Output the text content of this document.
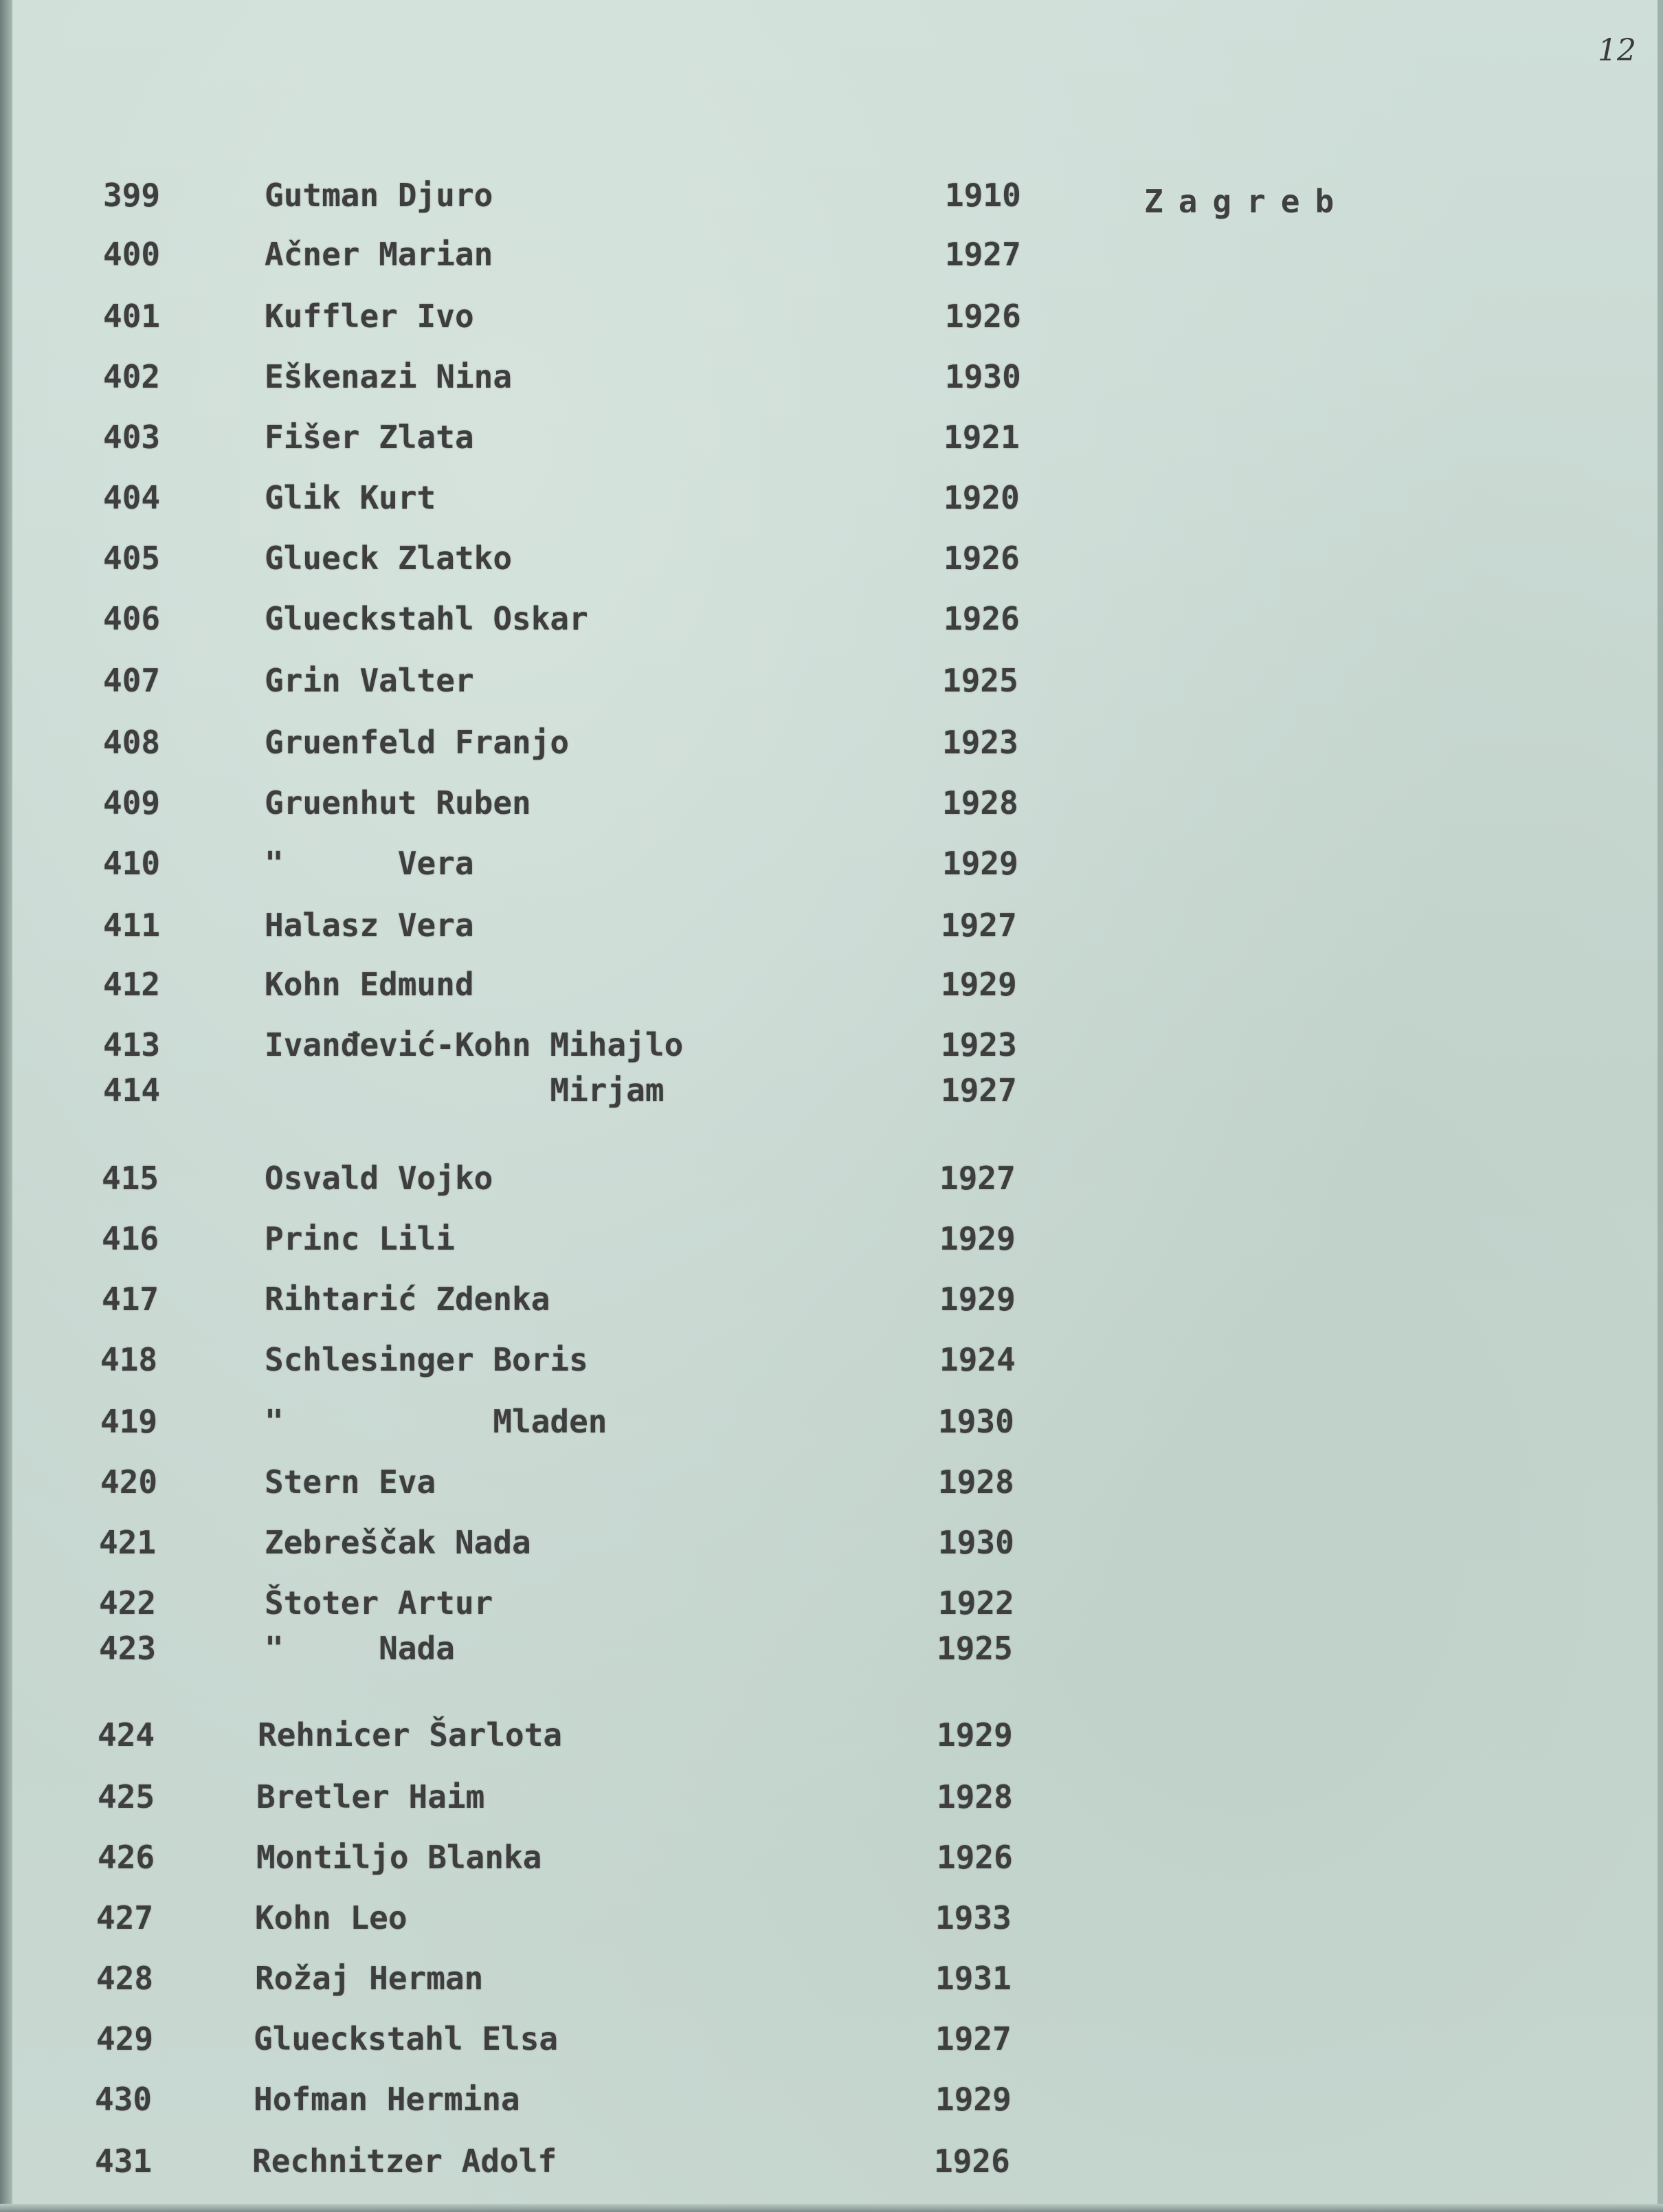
12
Zagreb
399	Gutman Djuro	1910
400	Ačner Marian	1927
401	Kuffler Ivo	1926
402	Eškenazi Nina	1930
403	Fišer Zlata	1921
404	Glik Kurt	1920
405	Glueck Zlatko	1926
406	Glueckstahl Oskar	1926
407	Grin Valter	1925
408	Gruenfeld Franjo	1923
409	Gruenhut Ruben	1928
410	"      Vera	1929
411	Halasz Vera	1927
412	Kohn Edmund	1929
413	Ivanđević-Kohn Mihajlo	1923
414	Mirjam	1927
415	Osvald Vojko	1927
416	Princ Lili	1929
417	Rihtarić Zdenka	1929
418	Schlesinger Boris	1924
419	"           Mladen	1930
420	Stern Eva	1928
421	Zebreščak Nada	1930
422	Štoter Artur	1922
423	"     Nada	1925
424	Rehnicer Šarlota	1929
425	Bretler Haim	1928
426	Montiljo Blanka	1926
427	Kohn Leo	1933
428	Rožaj Herman	1931
429	Glueckstahl Elsa	1927
430	Hofman Hermina	1929
431	Rechnitzer Adolf	1926
